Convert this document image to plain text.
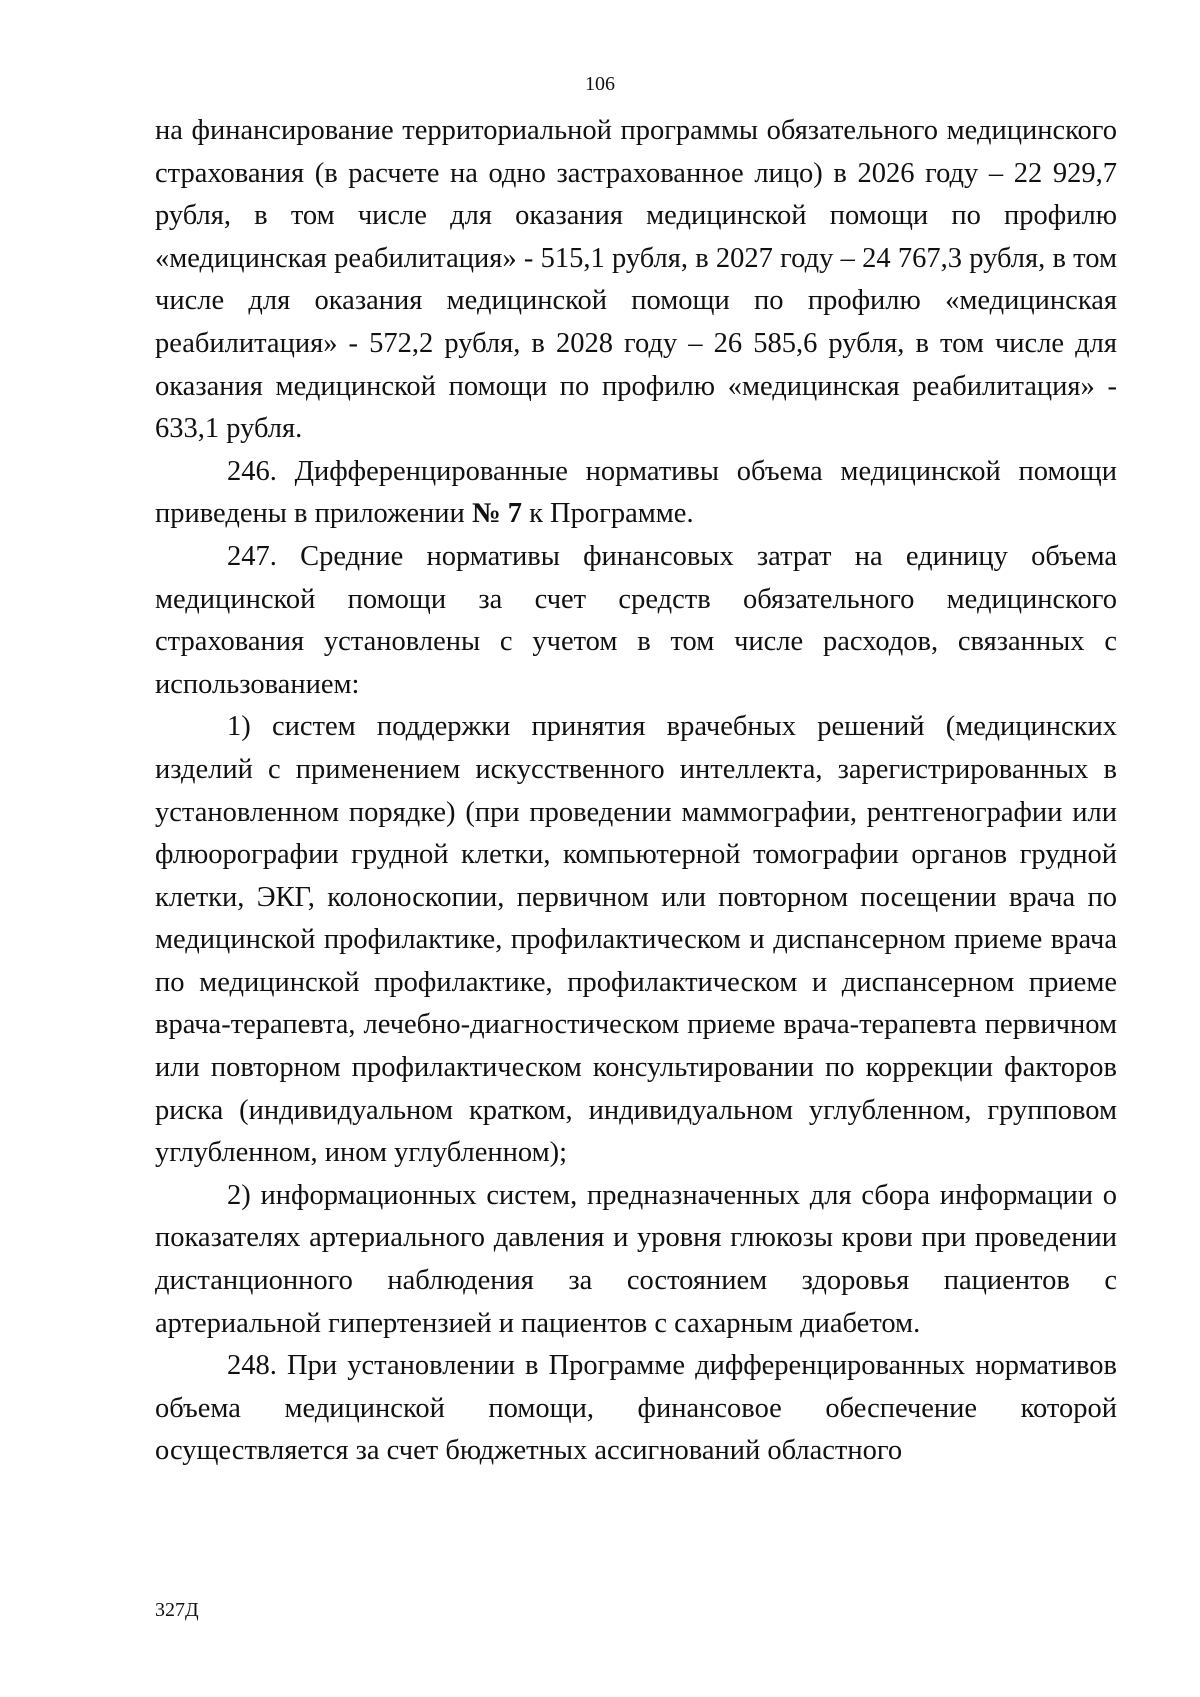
106

на финансирование территориальной программы обязательного медицинского страхования (в расчете на одно застрахованное лицо) в 2026 году – 22 929,7 рубля, в том числе для оказания медицинской помощи по профилю «медицинская реабилитация» - 515,1 рубля, в 2027 году – 24 767,3 рубля, в том числе для оказания медицинской помощи по профилю «медицинская реабилитация» - 572,2 рубля, в 2028 году – 26 585,6 рубля, в том числе для оказания медицинской помощи по профилю «медицинская реабилитация» - 633,1 рубля.

246. Дифференцированные нормативы объема медицинской помощи приведены в приложении № 7 к Программе.

247. Средние нормативы финансовых затрат на единицу объема медицинской помощи за счет средств обязательного медицинского страхования установлены с учетом в том числе расходов, связанных с использованием:

1) систем поддержки принятия врачебных решений (медицинских изделий с применением искусственного интеллекта, зарегистрированных в установленном порядке) (при проведении маммографии, рентгенографии или флюорографии грудной клетки, компьютерной томографии органов грудной клетки, ЭКГ, колоноскопии, первичном или повторном посещении врача по медицинской профилактике, профилактическом и диспансерном приеме врача по медицинской профилактике, профилактическом и диспансерном приеме врача-терапевта, лечебно-диагностическом приеме врача-терапевта первичном или повторном профилактическом консультировании по коррекции факторов риска (индивидуальном кратком, индивидуальном углубленном, групповом углубленном, ином углубленном);

2) информационных систем, предназначенных для сбора информации о показателях артериального давления и уровня глюкозы крови при проведении дистанционного наблюдения за состоянием здоровья пациентов с артериальной гипертензией и пациентов с сахарным диабетом.

248. При установлении в Программе дифференцированных нормативов объема медицинской помощи, финансовое обеспечение которой осуществляется за счет бюджетных ассигнований областного

327Д
